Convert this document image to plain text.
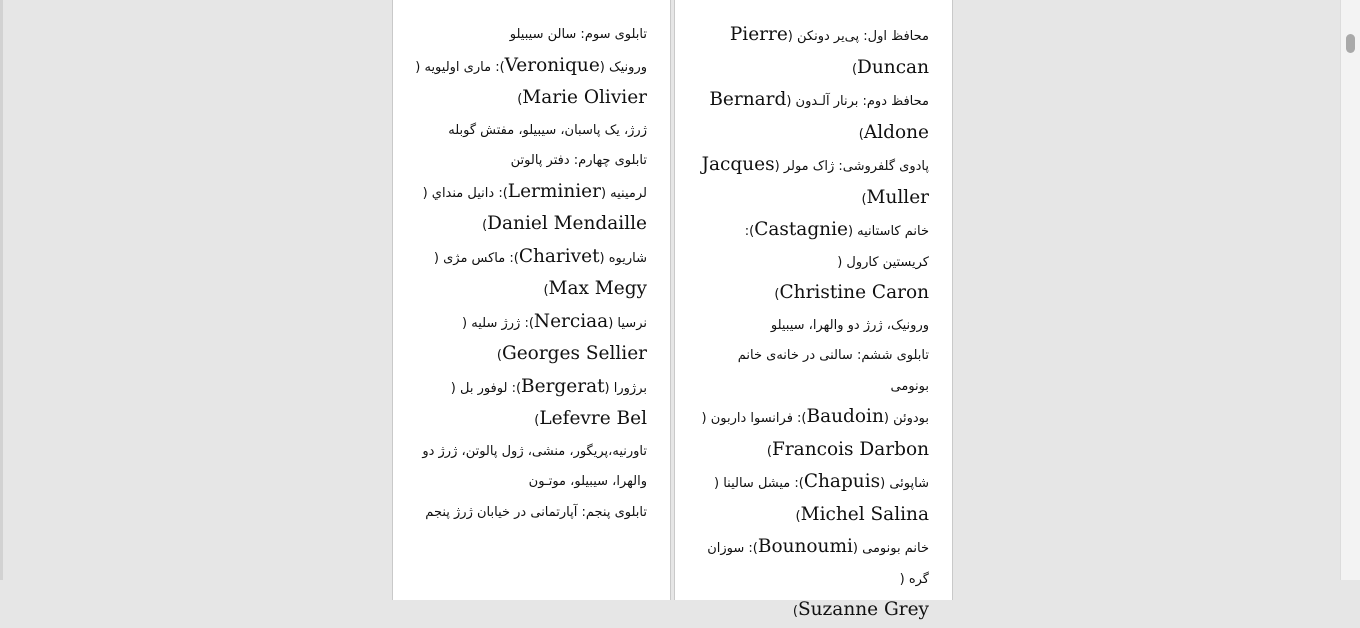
تابلوی سوم: سالن سیبیلو

ورونیک (Veronique): ماری اولیویه (

Marie Olivier)

ژرژ، یک پاسبان، سیبیلو، مفتش گوبله

تابلوی چهارم: دفتر پالوتن

لرمینیه (Lerminier): دانیل منداي (

Daniel Mendaille)

شاریوه (Charivet): ماکس مژی (

Max Megy)

نرسیا (Nerciaa): ژرژ سلیه (

Georges Sellier)

برژورا (Bergerat): لوفور بل (

Lefevre Bel)

تاورنیه،پریگور، منشی، ژول پالوتن، ژرژ دو والهرا، سیبیلو، موتـون

تابلوی پنجم: آپارتمانی در خیابان ژرژ پنجم

محافظ اول: پی‌یر دونکن (Pierre Duncan)

محافظ دوم: برنار آلـدون (Bernard Aldone)

پادوی گلفروشی: ژاک مولر (Jacques Muller)

خانم کاستانیه (Castagnie): کریستین کارول (

Christine Caron)

ورونیک، ژرژ دو والهرا، سیبیلو

تابلوی ششم: سالنی در خانه‌ی خانم بونومی

بودوئن (Baudoin): فرانسوا داربون (

Francois Darbon)

شاپوئی (Chapuis): میشل سالینا (

Michel Salina)

خانم بونومی (Bounoumi): سوزان گره (

Suzanne Grey)
